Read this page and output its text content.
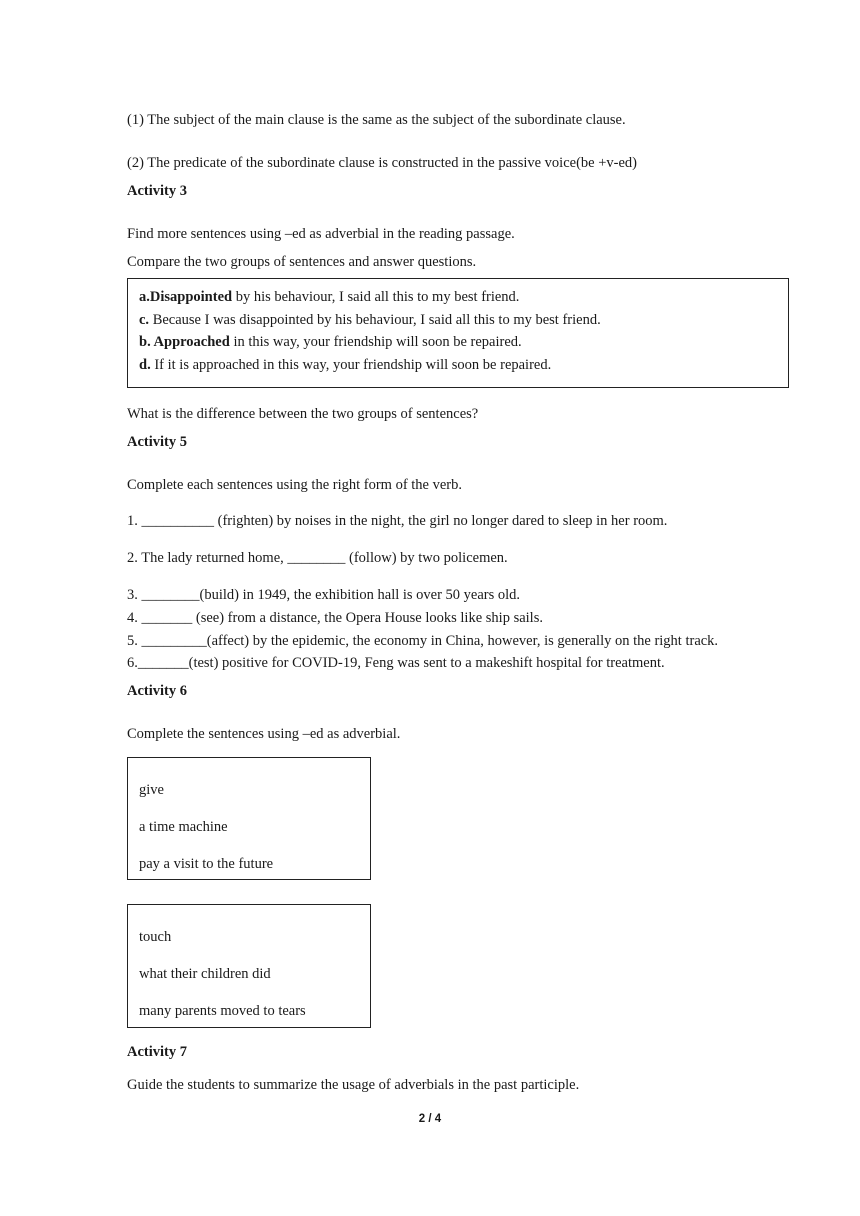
(1) The subject of the main clause is the same as the subject of the subordinate clause.
(2) The predicate of the subordinate clause is constructed in the passive voice(be +v-ed)
Activity 3
Find more sentences using –ed as adverbial in the reading passage.
Compare the two groups of sentences and answer questions.
a.Disappointed by his behaviour, I said all this to my best friend.
c. Because I was disappointed by his behaviour, I said all this to my best friend.
b. Approached in this way, your friendship will soon be repaired.
d. If it is approached in this way, your friendship will soon be repaired.
What is the difference between the two groups of sentences?
Activity 5
Complete each sentences using the right form of the verb.
1. __________ (frighten) by noises in the night, the girl no longer dared to sleep in her room.
2. The lady returned home, ________ (follow) by two policemen.
3. ________(build) in 1949, the exhibition hall is over 50 years old.
4. _______ (see) from a distance, the Opera House looks like ship sails.
5. _________(affect) by the epidemic, the economy in China, however, is generally on the right track.
6._______(test) positive for COVID-19, Feng was sent to a makeshift hospital for treatment.
Activity 6
Complete the sentences using –ed as adverbial.
give
a time machine
pay a visit to the future
touch
what their children did
many parents moved to tears
Activity 7
Guide the students to summarize the usage of adverbials in the past participle.
2 / 4
